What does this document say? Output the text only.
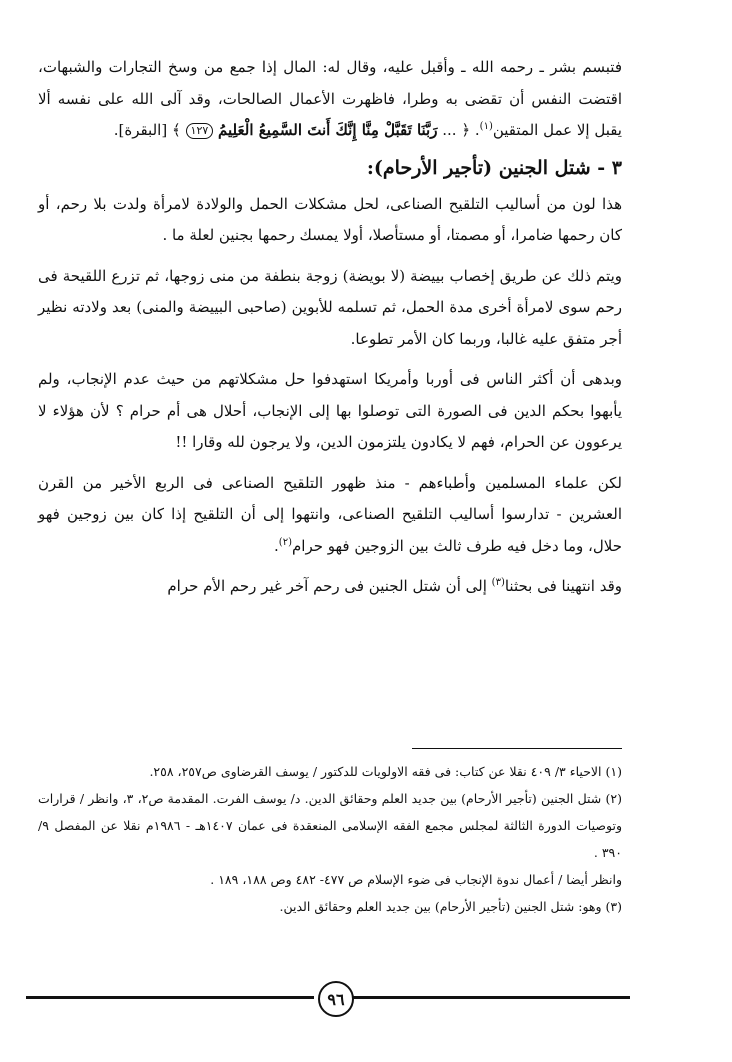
فتبسم بشر ـ رحمه الله ـ وأقبل عليه، وقال له: المال إذا جمع من وسخ التجارات والشبهات، اقتضت النفس أن تقضى به وطرا، فاظهرت الأعمال الصالحات، وقد آلى الله على نفسه ألا يقبل إلا عمل المتقين$^{(١)}$. ﴿ ... رَبَّنَا تَقَبَّلْ مِنَّا إِنَّكَ أَنتَ السَّمِيعُ الْعَلِيمُ ١٢٧ ﴾ [البقرة].

٣ - شتل الجنين (تأجير الأرحام):

هذا لون من أساليب التلقيح الصناعى، لحل مشكلات الحمل والولادة لامرأة ولدت بلا رحم، أو كان رحمها ضامرا، أو مصمتا، أو مستأصلا، أولا يمسك رحمها بجنين لعلة ما .

ويتم ذلك عن طريق إخصاب بييضة (لا بويضة) زوجة بنطفة من منى زوجها، ثم تزرع اللقيحة فى رحم سوى لامرأة أخرى مدة الحمل، ثم تسلمه للأبوين (صاحبى البييضة والمنى) بعد ولادته نظير أجر متفق عليه غالبا، وربما كان الأمر تطوعا.

وبدهى أن أكثر الناس فى أوربا وأمريكا استهدفوا حل مشكلاتهم من حيث عدم الإنجاب، ولم يأبهوا بحكم الدين فى الصورة التى توصلوا بها إلى الإنجاب، أحلال هى أم حرام ؟ لأن هؤلاء لا يرعوون عن الحرام، فهم لا يكادون يلتزمون الدين، ولا يرجون لله وقارا !!

لكن علماء المسلمين وأطباءهم - منذ ظهور التلقيح الصناعى فى الربع الأخير من القرن العشرين - تدارسوا أساليب التلقيح الصناعى، وانتهوا إلى أن التلقيح إذا كان بين زوجين فهو حلال، وما دخل فيه طرف ثالث بين الزوجين فهو حرام$^{(٢)}$.

وقد انتهينا فى بحثنا$^{(٣)}$ إلى أن شتل الجنين فى رحم آخر غير رحم الأم حرام

(١) الاحياء ٣/ ٤٠٩ نقلا عن كتاب: فى فقه الاولويات للدكتور / يوسف القرضاوى ص٢٥٧، ٢٥٨.

(٢) شتل الجنين (تأجير الأرحام) بين جديد العلم وحقائق الدين. د/ يوسف الفرت. المقدمة ص٢، ٣، وانظر / قرارات وتوصيات الدورة الثالثة لمجلس مجمع الفقه الإسلامى المنعقدة فى عمان ١٤٠٧هـ - ١٩٨٦م نقلا عن المفصل ٩/ ٣٩٠ .

وانظر أيضا / أعمال ندوة الإنجاب فى ضوء الإسلام ص ٤٧٧- ٤٨٢ وص ١٨٨، ١٨٩ .

(٣) وهو: شتل الجنين (تأجير الأرحام) بين جديد العلم وحقائق الدين.

٩٦
